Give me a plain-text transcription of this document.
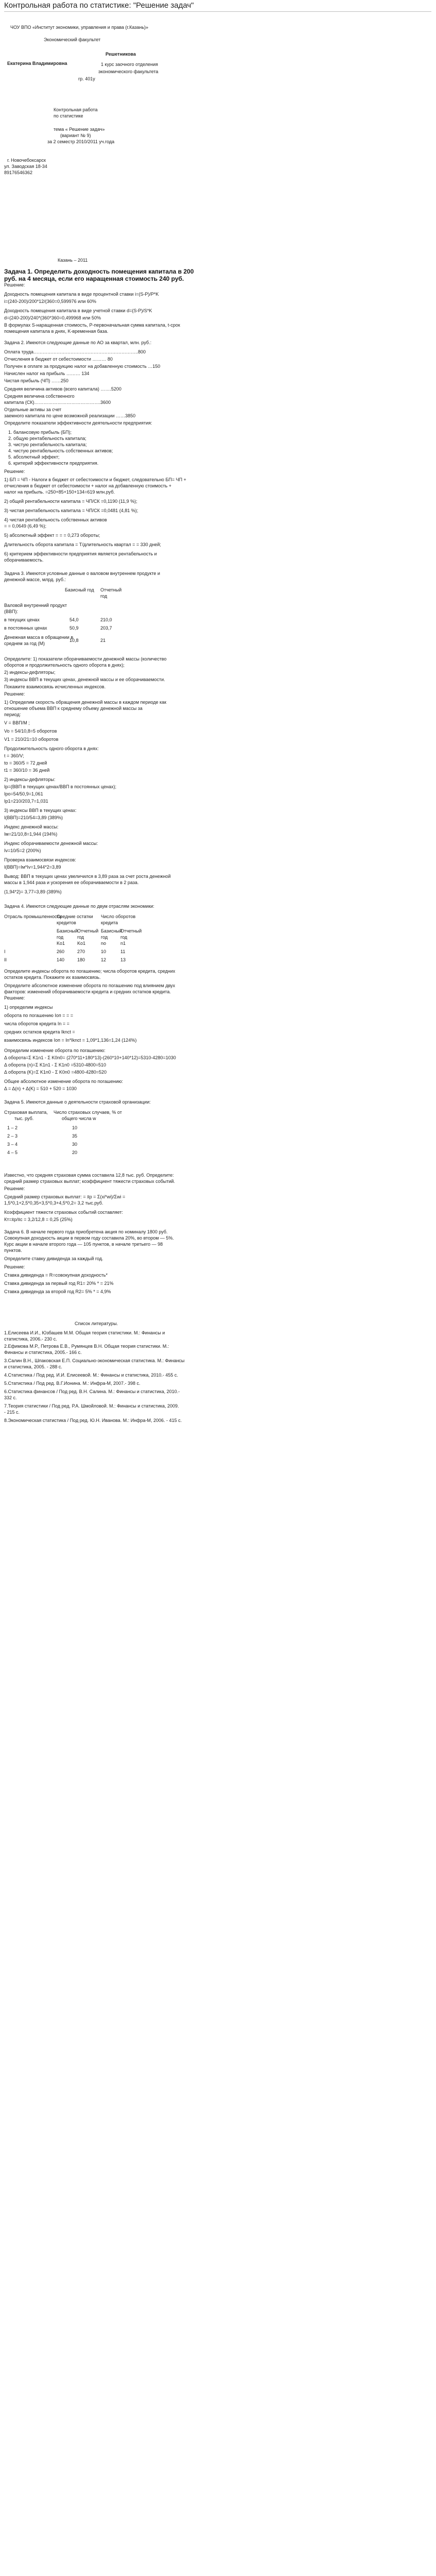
Контрольная работа по статистике: "Решение задач"
ЧОУ ВПО «Институт экономики, управления и права (г.Казань)»
Экономический факультет
Екатерина Владимировна
Решетникова
1 курс заочного отделения
экономического факультета
гр. 401у
Контрольная работа
по статистике
тема « Решение задач»
(вариант № 9)
за 2 семестр 2010/2011 уч.года
г. Новочебоксарск
ул. Заводская 18-34
89176546362
Казань – 2011
Задача 1. Определить доходность помещения капитала в 200
руб. на 4 месяца, если его наращенная стоимость 240 руб.
Решение:
Доходность помещения капитала в виде процентной ставки i=(S-P)/P*K
i=(240-200)/200*12/(360=0,599976 или 60%
Доходность помещения капитала в виде учетной ставки d=(S-P)/S*K
d=(240-200)/240*(360*360=0,499968 или 50%
В формулах S-наращенная стоимость, P-первоначальная сумма капитала, t-срок
помещения капитала в днях, K-временная база.
Задача 2. Имеются следующие данные по АО за квартал, млн. руб.:
Оплата труда…………………………………………………………..800
Отчисления в бюджет от себестоимости ……… 80
Получен в оплате за продукцию налог на добавленную стоимость …150
Начислен налог на прибыль ……… 134
Чистая прибыль (ЧП) ……250
Средняя величина активов (всего капитала) …….5200
Средняя величина собственного
капитала (СК)…………………………………….3600
Отдельные активы за счет
заемного капитала по цене возможной реализации ……3850
Определите показатели эффективности деятельности предприятия:
1. балансовую прибыль (БП);
2. общую рентабельность капитала;
3. чистую рентабельность капитала;
4. чистую рентабельность собственных активов;
5. абсолютный эффект;
6. критерий эффективности предприятия.
Решение:
1) БП = ЧП - Налоги в бюджет от себестоимости и бюджет, следовательно БП= ЧП +
отчисления в бюджет от себестоимости + налог на добавленную стоимость +
налог на прибыль. =250+85+150+134=619 млн.руб.
2) общей рентабельности капитала = ЧП/СК =0,1190 (11,9 %);
3) чистая рентабельность капитала = ЧП/СК =0,0481 (4,81 %);
4) чистая рентабельность собственных активов
= = 0,0649 (6,49 %);
5) абсолютный эффект = = = 0,273 обороты;
Длительность оборота капитала = Т/длительность квартал = = 330 дней;
6) критерием эффективности предприятия является рентабельность и
оборачиваемость.
Задача 3. Имеются условные данные о валовом внутреннем продукте и
денежной массе, млрд. руб.:
Базисный год Отчетный
год
Валовой внутренний продукт
(ВВП):
в текущих ценах	54,0	210,0
в постоянных ценах	50,9	203,7
Денежная масса в обращении в
среднем за год (М)
10,8	21
Определите: 1) показатели оборачиваемости денежной массы (количество
оборотов и продолжительность одного оборота в днях);
2) индексы-дефляторы;
3) индексы ВВП в текущих ценах, денежной массы и ее оборачиваемости.
Покажите взаимосвязь исчисленных индексов.
Решение:
1) Определим скорость обращения денежной массы в каждом периоде как
отношение объема ВВП к среднему объему денежной массы за
период:
V = ВВП/М ;
Vo = 54/10,8=5 оборотов
V1 = 210/21=10 оборотов
Продолжительность одного оборота в днях:
t = 360/V;
to = 360/5 = 72 дней
t1 = 360/10 = 36 дней
2) индексы-дефляторы:
Ip=(ВВП в текущих ценах/ВВП в постоянных ценах);
Ipo=54/50,9=1,061
Ip1=210/203,7=1,031
3) индексы ВВП в текущих ценах:
I(ВВП)=210/54=3,89 (389%)
Индекс денежной массы:
Iм=21/10,8=1,944 (194%)
Индекс оборачиваемости денежной массы:
Iv=10/5=2 (200%)
Проверка взаимосвязи индексов:
I(ВВП)=Iм*Iv=1,944*2=3,89
Вывод: ВВП в текущих ценах увеличился в 3,89 раза за счет роста денежной
массы в 1,944 раза и ускорения ее оборачиваемости в 2 раза.
(1,94*2)= 3,77=3,89 (389%)
Задача 4. Имеются следующие данные по двум отраслям экономики:
Отрасль промышленности
Средние остатки
кредитов
Число оборотов
кредита
Базисный Отчетный Базисный
Отчетный
год	год	год	год
Ko1	Ko1	no	n1
I	260	270	10	11
II	140	180	12	13
Определите индексы оборота по погашению; числа оборотов кредита, средних
остатков кредита. Покажите их взаимосвязь.
Определите абсолютное изменение оборота по погашению под влиянием двух
факторов: изменений оборачиваемости кредита и средних остатков кредита.
Решение:
1) определим индексы
оборота по погашению Iоп = = =
числа оборотов кредита In = =
средних остатков кредита Iknct =
взаимосвязь индексов Ioп = In*Iknct = 1,09*1,136=1,24 (124%)
Определим изменение оборота по погашению:
Δ оборота=Σ K1n1 - Σ K0n0= (270*11+180*13)-(260*10+140*12)=5310-4280=1030
Δ оборота (n)=Σ K1n1 - Σ K1n0 =5310-4800=510
Δ оборота (K)=Σ K1n0 - Σ K0n0 =4800-4280=520
Общее абсолютное изменение оборота по погашению:
Δ = Δ(n) + Δ(K) = 510 + 520 = 1030
Задача 5. Имеются данные о деятельности страховой организации:
Страховая выплата,
тыс. руб.
Число страховых случаев, % от
общего числа w
1 – 2	10
2 – 3	35
3 – 4	30
4 – 5	20
Известно, что средняя страховая сумма составила 12,8 тыс. руб. Определите:
средний размер страховых выплат; коэффициент тяжести страховых событий.
Решение:
Средний размер страховых выплат: = x̄p = Σ(xi*wi)/Σwi =
1,5*0,1+2,5*0,35+3,5*0,3+4,5*0,2= 3,2 тыс.руб.
Коэффициент тяжести страховых событий составляет:
Кт=x̄p/x̄c = 3,2/12,8 = 0,25 (25%)
Задача 6. В начале первого года приобретена акция по номиналу 1800 руб.
Совокупная доходность акции в первом году составила 20%, во втором — 5%.
Курс акции в начале второго года — 105 пунктов, в начале третьего — 98
пунктов.
Определите ставку дивиденда за каждый год.
Решение:
Ставка дивиденда = R=совокупная доходность*
Ставка дивиденда за первый год R1= 20% * = 21%
Ставка дивиденда за второй год R2= 5% * = 4,9%
Список литературы.
1.Елисеева И.И., Юзбашев М.М. Общая теория статистики. М.: Финансы и
статистика, 2006.- 230 с.
2.Ефимова М.Р., Петрова Е.В., Румянцев В.Н. Общая теория статистики. М.:
Финансы и статистика, 2005.- 166 с.
3.Салин В.Н., Шпаковская Е.П. Социально-экономическая статистика. М.: Финансы
и статистика, 2005. - 288 с.
4.Статистика / Под ред. И.И. Елисеевой. М.: Финансы и статистика, 2010.- 455 с.
5.Статистика / Под ред. В.Г.Ионина. М.: Инфра-М, 2007.- 398 с.
6.Статистика финансов / Под ред. В.Н. Салина. М.: Финансы и статистика, 2010.-
332 с.
7.Теория статистики / Под ред. Р.А. Шмойловой. М.: Финансы и статистика, 2009.
- 215 с.
8.Экономическая статистика / Под ред. Ю.Н. Иванова. М.: Инфра-М, 2006. - 415 с.
